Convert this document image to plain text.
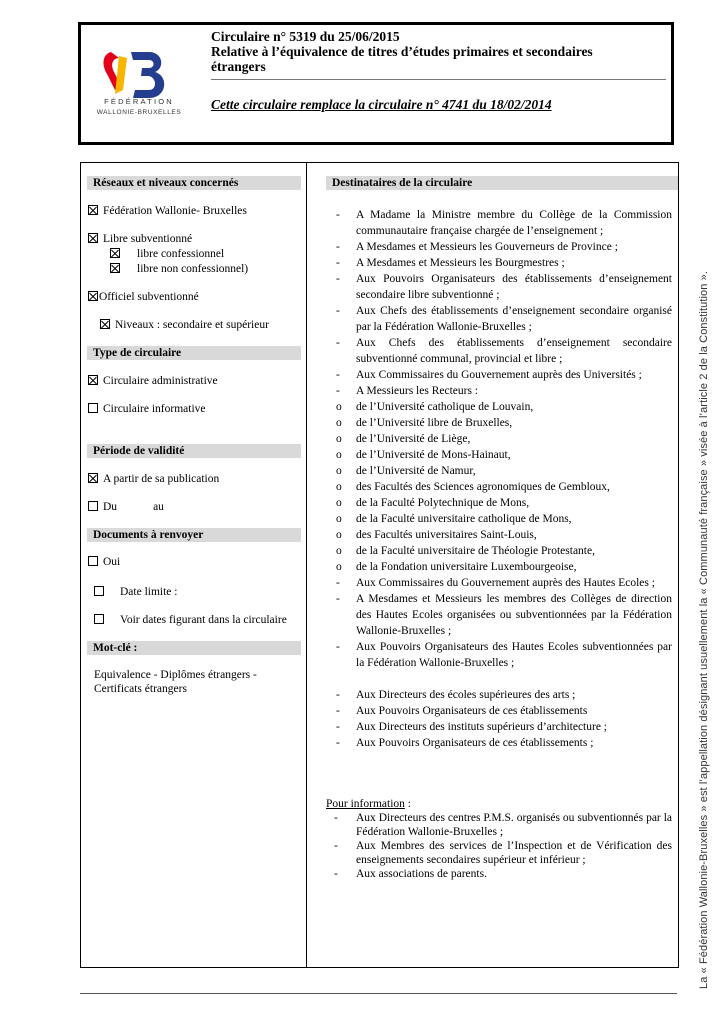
FÉDÉRATION
WALLONIE-BRUXELLES
Circulaire n° 5319 du 25/06/2015
Relative à l’équivalence de titres d’études primaires et secondaires
étrangers
Cette circulaire remplace la circulaire n° 4741 du 18/02/2014
Réseaux et niveaux concernés
Fédération Wallonie- Bruxelles
Libre subventionné
libre confessionnel
libre non confessionnel)
Officiel subventionné
Niveaux : secondaire et supérieur
Type de circulaire
Circulaire administrative
Circulaire informative
Période de validité
A partir de sa publication
Du	au
Documents à renvoyer
Oui
Date limite :
Voir dates figurant dans la circulaire
Mot-clé :
Equivalence - Diplômes étrangers -
Certificats étrangers
Destinataires de la circulaire
- A Madame la Ministre membre du Collège de la Commission communautaire française chargée de l’enseignement ;
- A Mesdames et Messieurs les Gouverneurs de Province ;
- A Mesdames et Messieurs les Bourgmestres ;
- Aux Pouvoirs Organisateurs des établissements d’enseignement secondaire libre subventionné ;
- Aux Chefs des établissements d’enseignement secondaire organisé par la Fédération Wallonie-Bruxelles ;
- Aux Chefs des établissements d’enseignement secondaire subventionné communal, provincial et libre ;
- Aux Commissaires du Gouvernement auprès des Universités ;
- A Messieurs les Recteurs :
o de l’Université catholique de Louvain,
o de l’Université libre de Bruxelles,
o de l’Université de Liège,
o de l’Université de Mons-Hainaut,
o de l’Université de Namur,
o des Facultés des Sciences agronomiques de Gembloux,
o de la Faculté Polytechnique de Mons,
o de la Faculté universitaire catholique de Mons,
o des Facultés universitaires Saint-Louis,
o de la Faculté universitaire de Théologie Protestante,
o de la Fondation universitaire Luxembourgeoise,
- Aux Commissaires du Gouvernement auprès des Hautes Ecoles ;
- A Mesdames et Messieurs les membres des Collèges de direction des Hautes Ecoles organisées ou subventionnées par la Fédération Wallonie-Bruxelles ;
- Aux Pouvoirs Organisateurs des Hautes Ecoles subventionnées par la Fédération Wallonie-Bruxelles ;
- Aux Directeurs des écoles supérieures des arts ;
- Aux Pouvoirs Organisateurs de ces établissements
- Aux Directeurs des instituts supérieurs d’architecture ;
- Aux Pouvoirs Organisateurs de ces établissements ;
Pour information :
- Aux Directeurs des centres P.M.S. organisés ou subventionnés par la Fédération Wallonie-Bruxelles ;
- Aux Membres des services de l’Inspection et de Vérification des enseignements secondaires supérieur et inférieur ;
- Aux associations de parents.	La « Fédération Wallonie-Bruxelles » est l’appellation désignant usuellement la « Communauté française » visée à l’article 2 de la Constitution ».
